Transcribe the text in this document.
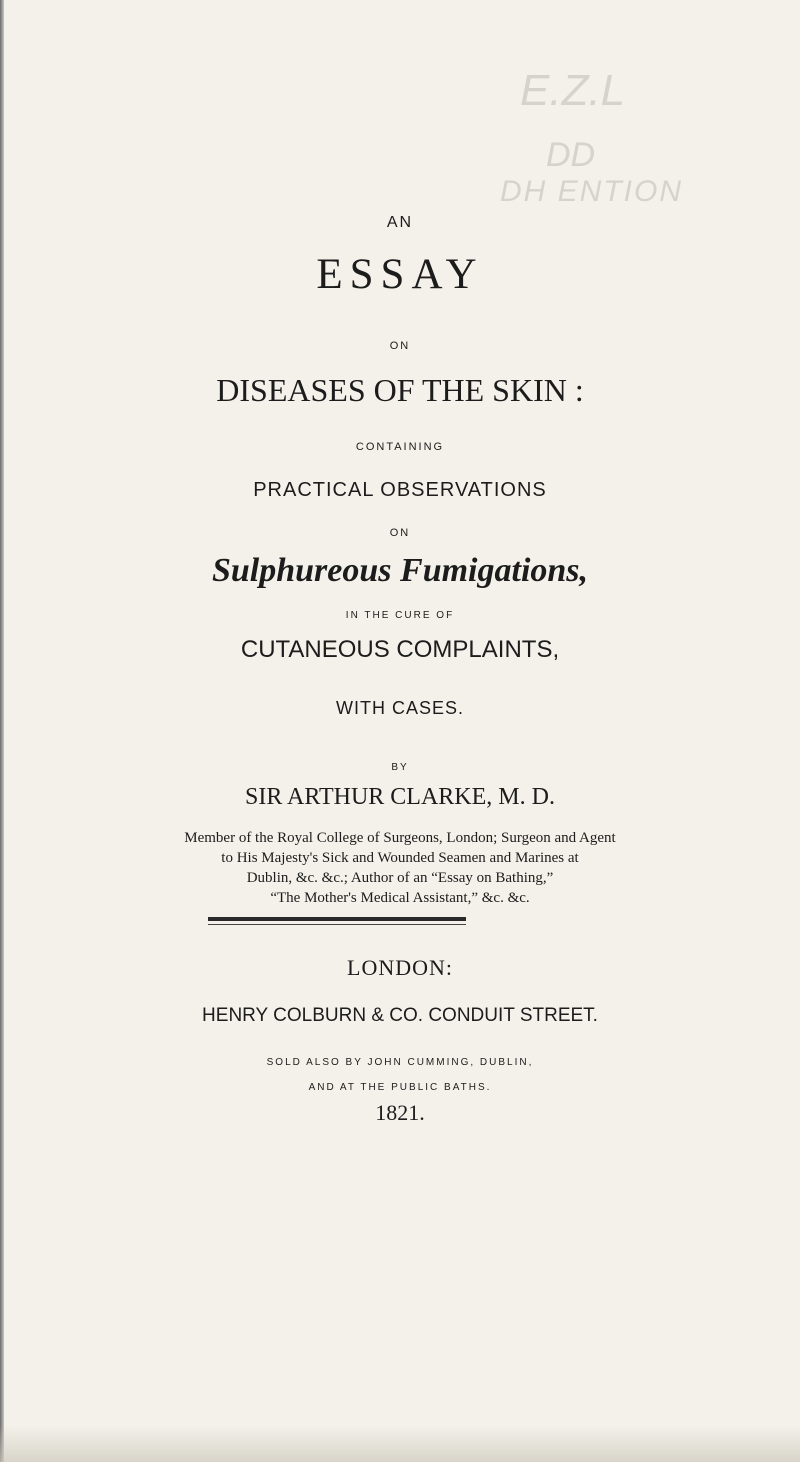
E.Z.L
DD
DH ENTION
AN
ESSAY
ON
DISEASES OF THE SKIN :
CONTAINING
PRACTICAL OBSERVATIONS
ON
Sulphureous Fumigations,
IN THE CURE OF
CUTANEOUS COMPLAINTS,
WITH CASES.
BY
SIR ARTHUR CLARKE, M. D.
Member of the Royal College of Surgeons, London; Surgeon and Agent
to His Majesty's Sick and Wounded Seamen and Marines at
Dublin, &c. &c.; Author of an “Essay on Bathing,”
“The Mother's Medical Assistant,” &c. &c.
LONDON:
HENRY COLBURN & CO. CONDUIT STREET.
SOLD ALSO BY JOHN CUMMING, DUBLIN,
AND AT THE PUBLIC BATHS.
1821.
